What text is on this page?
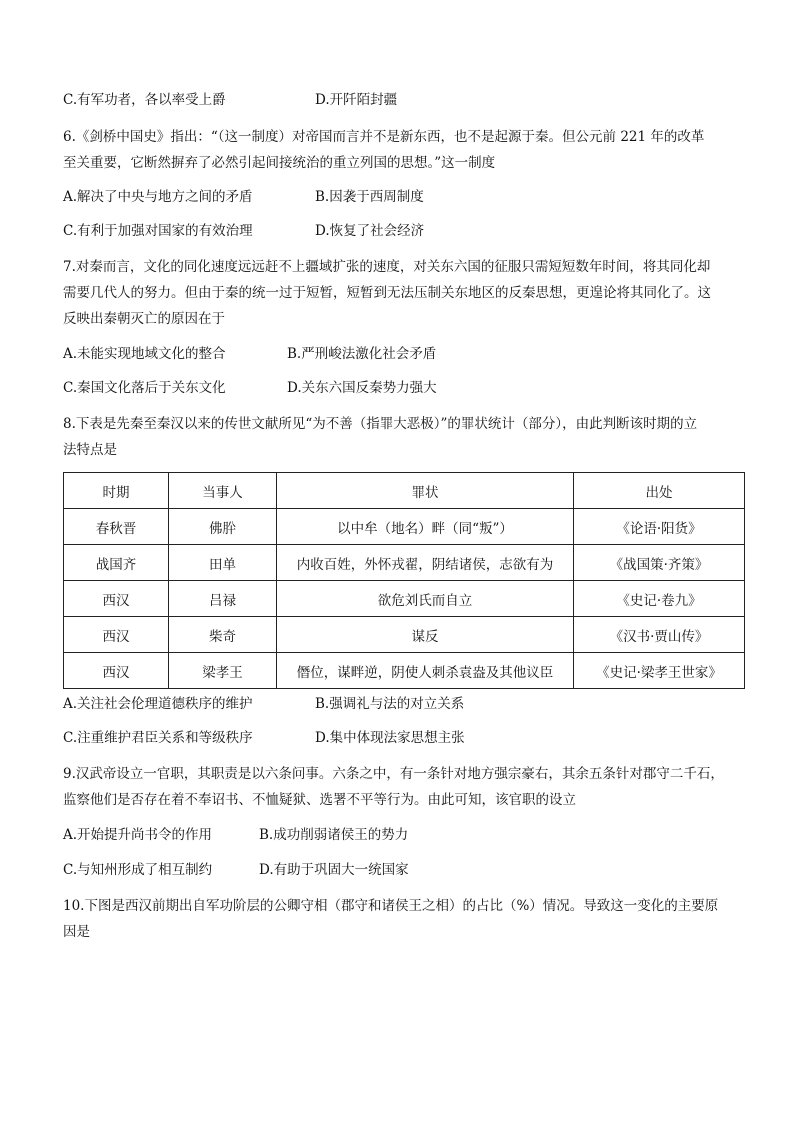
C.有军功者，各以率受上爵	D.开阡陌封疆
6.《剑桥中国史》指出：“（这一制度）对帝国而言并不是新东西，也不是起源于秦。但公元前 221 年的改革
至关重要，它断然摒弃了必然引起间接统治的重立列国的思想。”这一制度
A.解决了中央与地方之间的矛盾	B.因袭于西周制度
C.有利于加强对国家的有效治理	D.恢复了社会经济
7.对秦而言，文化的同化速度远远赶不上疆域扩张的速度，对关东六国的征服只需短短数年时间，将其同化却
需要几代人的努力。但由于秦的统一过于短暂，短暂到无法压制关东地区的反秦思想，更遑论将其同化了。这
反映出秦朝灭亡的原因在于
A.未能实现地域文化的整合	B.严刑峻法激化社会矛盾
C.秦国文化落后于关东文化	D.关东六国反秦势力强大
8.下表是先秦至秦汉以来的传世文献所见“为不善（指罪大恶极）”的罪状统计（部分），由此判断该时期的立
法特点是
时期	当事人	罪状	出处
春秋晋	佛肸	以中牟（地名）畔（同“叛”）	《论语·阳货》
战国齐	田单	内收百姓，外怀戎翟，阴结诸侯，志欲有为	《战国策·齐策》
西汉	吕禄	欲危刘氏而自立	《史记·卷九》
西汉	柴奇	谋反	《汉书·贾山传》
西汉	梁孝王	僭位，谋畔逆，阴使人刺杀袁盎及其他议臣	《史记·梁孝王世家》
A.关注社会伦理道德秩序的维护	B.强调礼与法的对立关系
C.注重维护君臣关系和等级秩序	D.集中体现法家思想主张
9.汉武帝设立一官职，其职责是以六条问事。六条之中，有一条针对地方强宗豪右，其余五条针对郡守二千石，
监察他们是否存在着不奉诏书、不恤疑狱、选署不平等行为。由此可知，该官职的设立
A.开始提升尚书令的作用	B.成功削弱诸侯王的势力
C.与知州形成了相互制约	D.有助于巩固大一统国家
10.下图是西汉前期出自军功阶层的公卿守相（郡守和诸侯王之相）的占比（%）情况。导致这一变化的主要原
因是
